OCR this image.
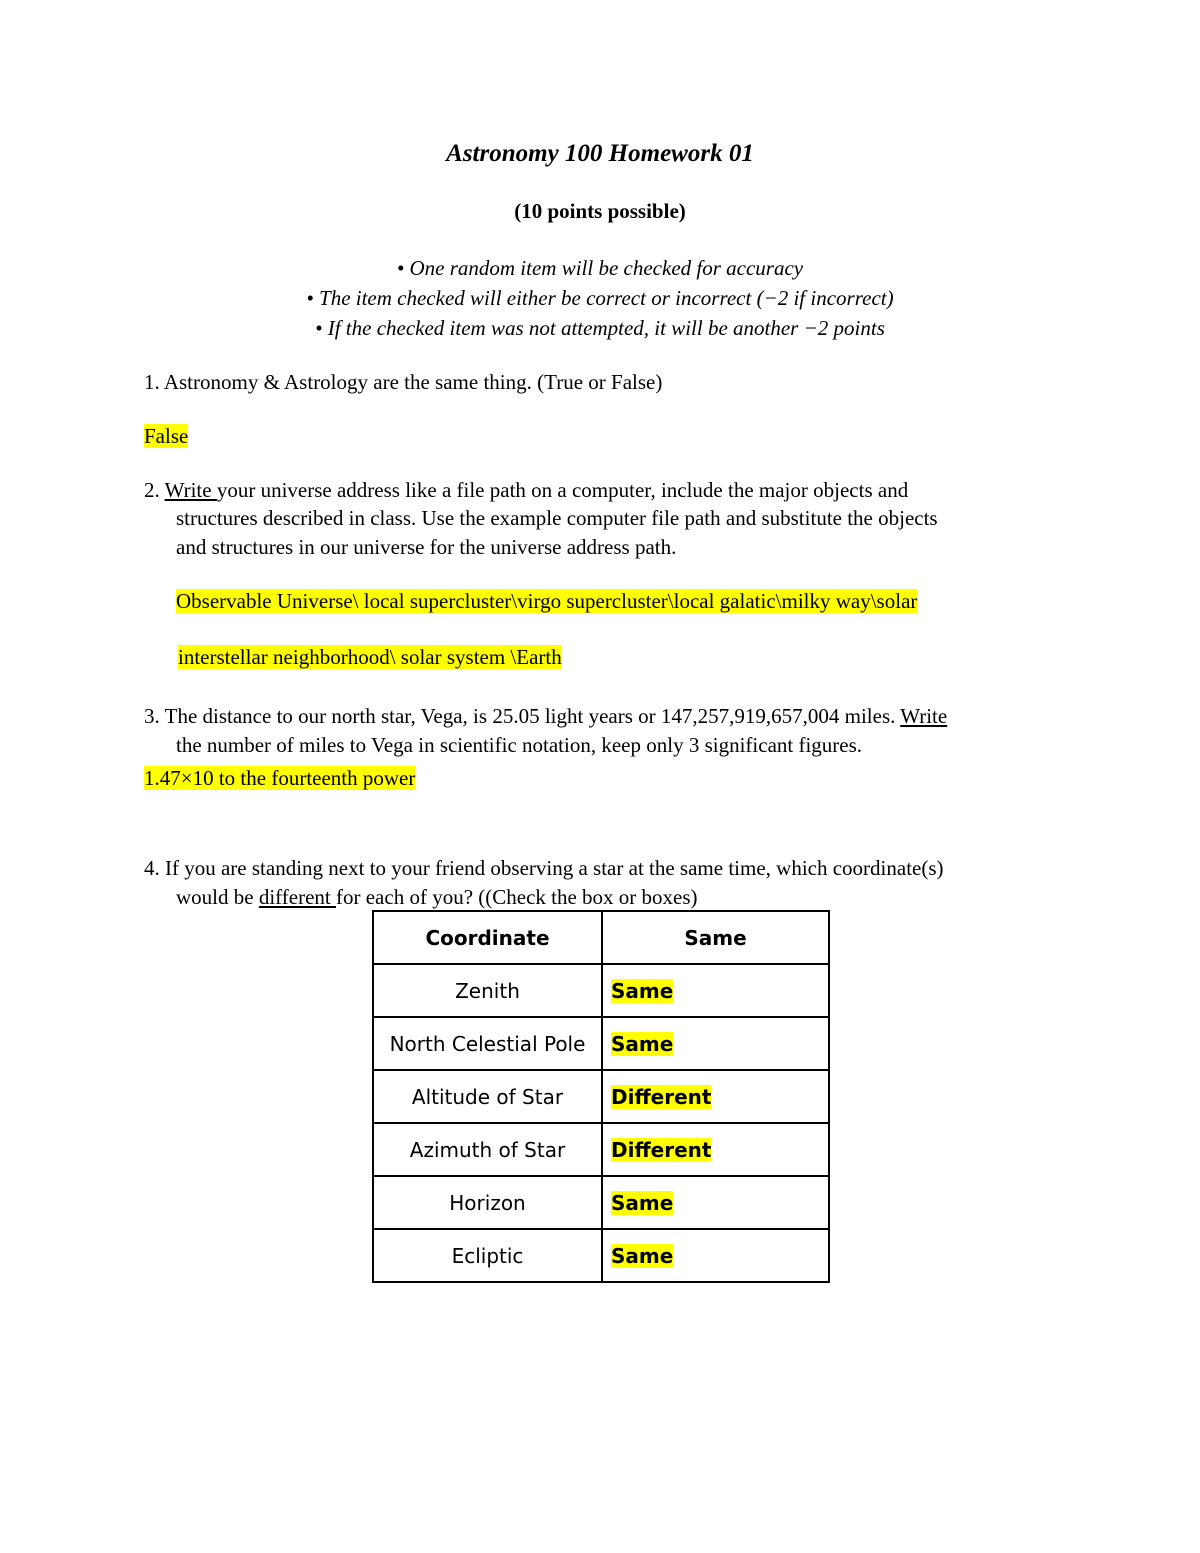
Astronomy 100 Homework 01
(10 points possible)
• One random item will be checked for accuracy
• The item checked will either be correct or incorrect (−2 if incorrect)
• If the checked item was not attempted, it will be another −2 points
1. Astronomy & Astrology are the same thing. (True or False)
False
2. Write your universe address like a file path on a computer, include the major objects and
structures described in class. Use the example computer file path and substitute the objects
and structures in our universe for the universe address path.
Observable Universe\ local supercluster\virgo supercluster\local galatic\milky way\solar
interstellar neighborhood\ solar system \Earth
3. The distance to our north star, Vega, is 25.05 light years or 147,257,919,657,004 miles. Write
the number of miles to Vega in scientific notation, keep only 3 significant figures.
1.47×10 to the fourteenth power
4. If you are standing next to your friend observing a star at the same time, which coordinate(s)
would be different for each of you? ((Check the box or boxes)
Coordinate	Same
Zenith	Same
North Celestial Pole	Same
Altitude of Star	Different
Azimuth of Star	Different
Horizon	Same
Ecliptic	Same
